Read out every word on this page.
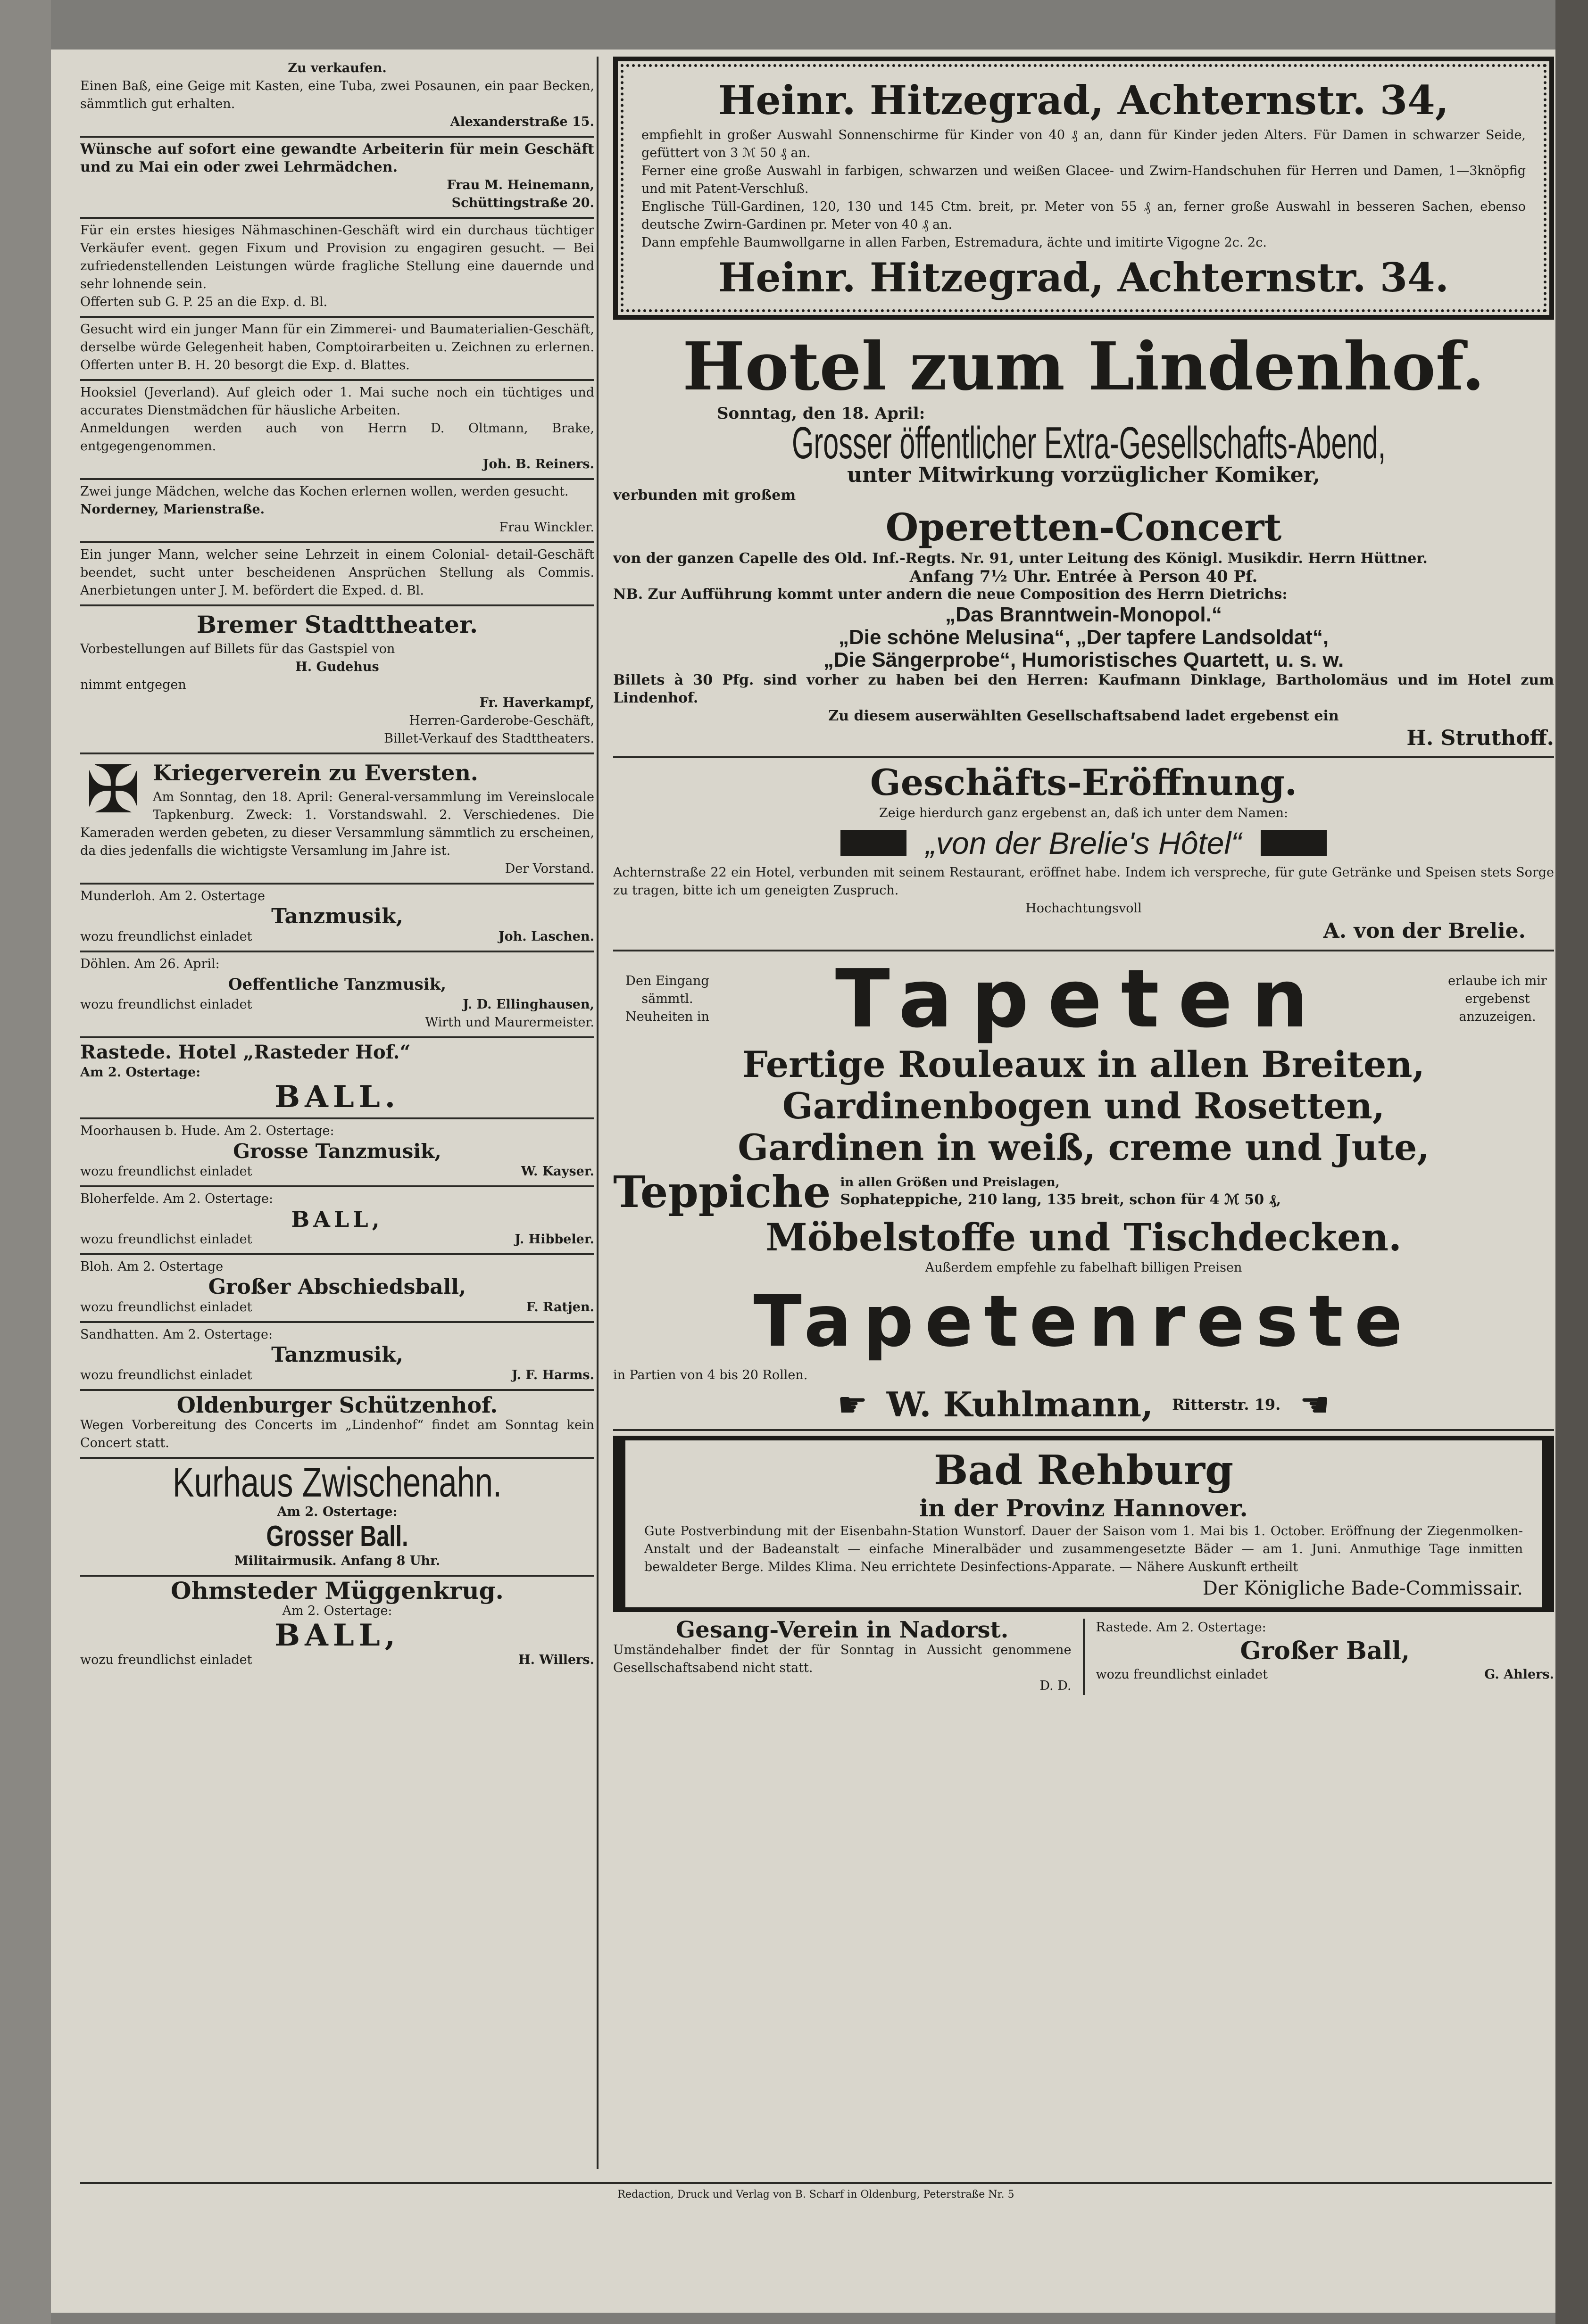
Zu verkaufen.

Einen Baß, eine Geige mit Kasten, eine Tuba, zwei Posaunen, ein paar Becken, sämmtlich gut erhalten.

Alexanderstraße 15.

Wünsche auf sofort eine gewandte Arbeiterin für mein Geschäft und zu Mai ein oder zwei Lehrmädchen.

Frau M. Heinemann,

Schüttingstraße 20.

Für ein erstes hiesiges Nähmaschinen-Geschäft wird ein durchaus tüchtiger Verkäufer event. gegen Fixum und Provision zu engagiren gesucht. — Bei zufriedenstellenden Leistungen würde fragliche Stellung eine dauernde und sehr lohnende sein.

Offerten sub G. P. 25 an die Exp. d. Bl.

Gesucht wird ein junger Mann für ein Zimmerei- und Baumaterialien-Geschäft, derselbe würde Gelegenheit haben, Comptoirarbeiten u. Zeichnen zu erlernen. Offerten unter B. H. 20 besorgt die Exp. d. Blattes.

Hooksiel (Jeverland). Auf gleich oder 1. Mai suche noch ein tüchtiges und accurates Dienstmädchen für häusliche Arbeiten.

Anmeldungen werden auch von Herrn D. Oltmann, Brake, entgegengenommen.

Joh. B. Reiners.

Zwei junge Mädchen, welche das Kochen erlernen wollen, werden gesucht.

Norderney, Marienstraße.

Frau Winckler.

Ein junger Mann, welcher seine Lehrzeit in einem Colonial- detail-Geschäft beendet, sucht unter bescheidenen Ansprüchen Stellung als Commis. Anerbietungen unter J. M. befördert die Exped. d. Bl.

Bremer Stadttheater.

Vorbestellungen auf Billets für das Gastspiel von

H. Gudehus

nimmt entgegen

Fr. Haverkampf,

Herren-Garderobe-Geschäft,

Billet-Verkauf des Stadttheaters.

✠ Kriegerverein zu Eversten.

Am Sonntag, den 18. April: General-versammlung im Vereinslocale Tapkenburg. Zweck: 1. Vorstandswahl. 2. Verschiedenes. Die Kameraden werden gebeten, zu dieser Versammlung sämmtlich zu erscheinen, da dies jedenfalls die wichtigste Versamlung im Jahre ist.

Der Vorstand.

Munderloh. Am 2. Ostertage

Tanzmusik,

wozu freundlichst einladet	Joh. Laschen.

Döhlen. Am 26. April:

Oeffentliche Tanzmusik,

wozu freundlichst einladet	J. D. Ellinghausen,

Wirth und Maurermeister.

Rastede. Hotel „Rasteder Hof.“

Am 2. Ostertage:

BALL.

Moorhausen b. Hude. Am 2. Ostertage:

Grosse Tanzmusik,

wozu freundlichst einladet	W. Kayser.

Bloherfelde. Am 2. Ostertage:

BALL,

wozu freundlichst einladet	J. Hibbeler.

Bloh. Am 2. Ostertage

Großer Abschiedsball,

wozu freundlichst einladet	F. Ratjen.

Sandhatten. Am 2. Ostertage:

Tanzmusik,

wozu freundlichst einladet	J. F. Harms.

Oldenburger Schützenhof.

Wegen Vorbereitung des Concerts im „Lindenhof“ findet am Sonntag kein Concert statt.

Kurhaus Zwischenahn.

Am 2. Ostertage:

Grosser Ball.

Militairmusik. Anfang 8 Uhr.

Ohmsteder Müggenkrug.

Am 2. Ostertage:

BALL,

wozu freundlichst einladet	H. Willers.

Heinr. Hitzegrad, Achternstr. 34,

empfiehlt in großer Auswahl Sonnenschirme für Kinder von 40 ₰ an, dann für Kinder jeden Alters. Für Damen in schwarzer Seide, gefüttert von 3 ℳ 50 ₰ an.

Ferner eine große Auswahl in farbigen, schwarzen und weißen Glacee- und Zwirn-Handschuhen für Herren und Damen, 1—3knöpfig und mit Patent-Verschluß.

Englische Tüll-Gardinen, 120, 130 und 145 Ctm. breit, pr. Meter von 55 ₰ an, ferner große Auswahl in besseren Sachen, ebenso deutsche Zwirn-Gardinen pr. Meter von 40 ₰ an.

Dann empfehle Baumwollgarne in allen Farben, Estremadura, ächte und imitirte Vigogne 2c. 2c.

Heinr. Hitzegrad, Achternstr. 34.

Hotel zum Lindenhof.

Sonntag, den 18. April:

Grosser öffentlicher Extra-Gesellschafts-Abend,

unter Mitwirkung vorzüglicher Komiker,

verbunden mit großem

Operetten-Concert

von der ganzen Capelle des Old. Inf.-Regts. Nr. 91, unter Leitung des Königl. Musikdir. Herrn Hüttner.

Anfang 7½ Uhr. Entrée à Person 40 Pf.

NB. Zur Aufführung kommt unter andern die neue Composition des Herrn Dietrichs:

„Das Branntwein-Monopol.“

„Die schöne Melusina“, „Der tapfere Landsoldat“,

„Die Sängerprobe“, Humoristisches Quartett, u. s. w.

Billets à 30 Pfg. sind vorher zu haben bei den Herren: Kaufmann Dinklage, Bartholomäus und im Hotel zum Lindenhof.

Zu diesem auserwählten Gesellschaftsabend ladet ergebenst ein

H. Struthoff.

Geschäfts-Eröffnung.

Zeige hierdurch ganz ergebenst an, daß ich unter dem Namen:

„von der Brelie's Hôtel“

Achternstraße 22 ein Hotel, verbunden mit seinem Restaurant, eröffnet habe. Indem ich verspreche, für gute Getränke und Speisen stets Sorge zu tragen, bitte ich um geneigten Zuspruch.

Hochachtungsvoll

A. von der Brelie.

Den Eingang sämmtl. Neuheiten in Tapeten	erlaube ich mir ergebenst anzuzeigen.

Fertige Rouleaux in allen Breiten,

Gardinenbogen und Rosetten,

Gardinen in weiß, creme und Jute,

Teppiche in allen Größen und Preislagen,
Sophateppiche, 210 lang, 135 breit, schon für 4 ℳ 50 ₰,

Möbelstoffe und Tischdecken.

Außerdem empfehle zu fabelhaft billigen Preisen

Tapetenreste

in Partien von 4 bis 20 Rollen.

☛ W. Kuhlmann, Ritterstr. 19. ☚

Bad Rehburg

in der Provinz Hannover.

Gute Postverbindung mit der Eisenbahn-Station Wunstorf. Dauer der Saison vom 1. Mai bis 1. October. Eröffnung der Ziegenmolken-Anstalt und der Badeanstalt — einfache Mineralbäder und zusammengesetzte Bäder — am 1. Juni. Anmuthige Tage inmitten bewaldeter Berge. Mildes Klima. Neu errichtete Desinfections-Apparate. — Nähere Auskunft ertheilt

Der Königliche Bade-Commissair.

Gesang-Verein in Nadorst.

Umständehalber findet der für Sonntag in Aussicht genommene Gesellschaftsabend nicht statt.

D. D.

Rastede. Am 2. Ostertage:

Großer Ball,

wozu freundlichst einladet	G. Ahlers.
Redaction, Druck und Verlag von B. Scharf in Oldenburg, Peterstraße Nr. 5
